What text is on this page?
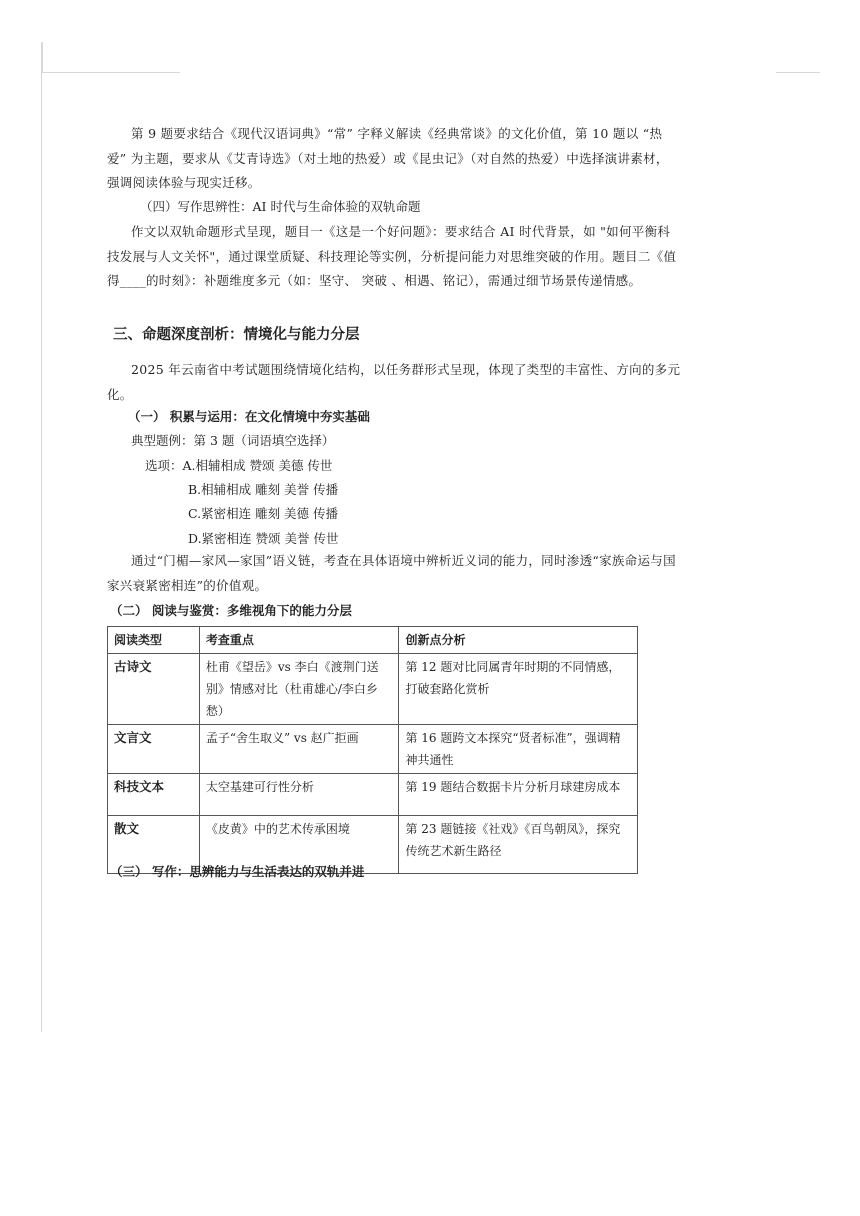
第 9 题要求结合《现代汉语词典》“常” 字释义解读《经典常谈》的文化价值，第 10 题以 “热爱” 为主题，要求从《艾青诗选》（对土地的热爱）或《昆虫记》（对自然的热爱）中选择演讲素材，强调阅读体验与现实迁移。

（四）写作思辨性：AI 时代与生命体验的双轨命题

作文以双轨命题形式呈现，题目一《这是一个好问题》：要求结合 AI 时代背景，如 "如何平衡科技发展与人文关怀"，通过课堂质疑、科技理论等实例，分析提问能力对思维突破的作用。题目二《值得____的时刻》：补题维度多元（如：坚守、 突破 、相遇、铭记），需通过细节场景传递情感。

三、命题深度剖析：情境化与能力分层

2025 年云南省中考试题围绕情境化结构，以任务群形式呈现，体现了类型的丰富性、方向的多元化。

（一） 积累与运用：在文化情境中夯实基础

典型题例：第 3 题（词语填空选择）

选项：A.相辅相成 赞颂 美德 传世

B.相辅相成 雕刻 美誉 传播

C.紧密相连 雕刻 美德 传播

D.紧密相连 赞颂 美誉 传世

通过“门楣—家风—家国”语义链，考查在具体语境中辨析近义词的能力，同时渗透“家族命运与国家兴衰紧密相连”的价值观。

（二） 阅读与鉴赏：多维视角下的能力分层

阅读类型	考查重点	创新点分析
古诗文	杜甫《望岳》vs 李白《渡荆门送别》情感对比（杜甫雄心/李白乡愁）	第 12 题对比同属青年时期的不同情感，打破套路化赏析
文言文	孟子“舍生取义” vs 赵广拒画	第 16 题跨文本探究“贤者标准”，强调精神共通性
科技文本	太空基建可行性分析	第 19 题结合数据卡片分析月球建房成本
散文	《皮黄》中的艺术传承困境	第 23 题链接《社戏》《百鸟朝凤》，探究传统艺术新生路径

（三） 写作：思辨能力与生活表达的双轨并进
